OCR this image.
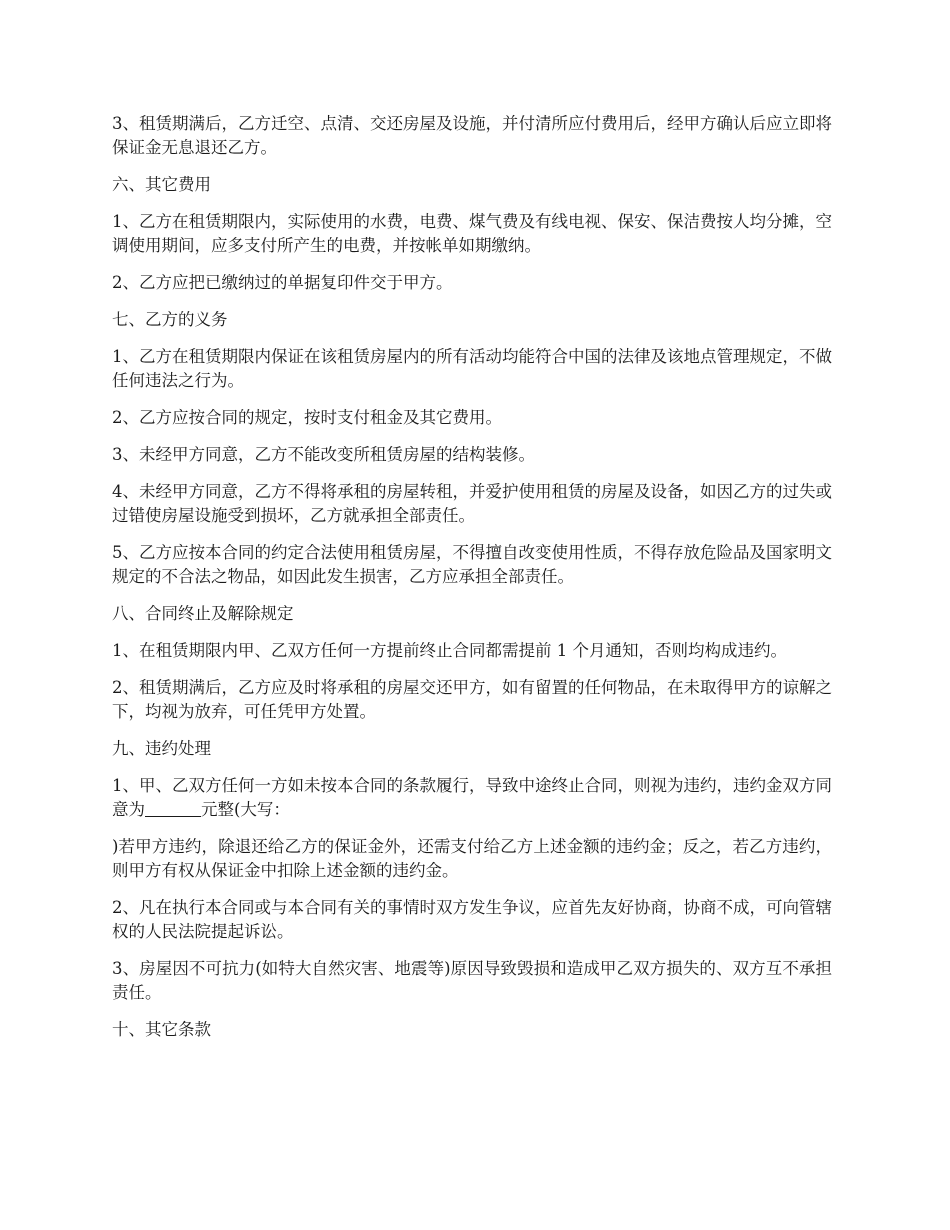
3、租赁期满后，乙方迁空、点清、交还房屋及设施，并付清所应付费用后，经甲方确认后应立即将保证金无息退还乙方。

六、其它费用

1、乙方在租赁期限内，实际使用的水费，电费、煤气费及有线电视、保安、保洁费按人均分摊，空调使用期间，应多支付所产生的电费，并按帐单如期缴纳。

2、乙方应把已缴纳过的单据复印件交于甲方。

七、乙方的义务

1、乙方在租赁期限内保证在该租赁房屋内的所有活动均能符合中国的法律及该地点管理规定，不做任何违法之行为。

2、乙方应按合同的规定，按时支付租金及其它费用。

3、未经甲方同意，乙方不能改变所租赁房屋的结构装修。

4、未经甲方同意，乙方不得将承租的房屋转租，并爱护使用租赁的房屋及设备，如因乙方的过失或过错使房屋设施受到损坏，乙方就承担全部责任。

5、乙方应按本合同的约定合法使用租赁房屋，不得擅自改变使用性质，不得存放危险品及国家明文规定的不合法之物品，如因此发生损害，乙方应承担全部责任。

八、合同终止及解除规定

1、在租赁期限内甲、乙双方任何一方提前终止合同都需提前 1 个月通知，否则均构成违约。

2、租赁期满后，乙方应及时将承租的房屋交还甲方，如有留置的任何物品，在未取得甲方的谅解之下，均视为放弃，可任凭甲方处置。

九、违约处理

1、甲、乙双方任何一方如未按本合同的条款履行，导致中途终止合同，则视为违约，违约金双方同意为	元整(大写：

)若甲方违约，除退还给乙方的保证金外，还需支付给乙方上述金额的违约金；反之，若乙方违约，则甲方有权从保证金中扣除上述金额的违约金。

2、凡在执行本合同或与本合同有关的事情时双方发生争议，应首先友好协商，协商不成，可向管辖权的人民法院提起诉讼。

3、房屋因不可抗力(如特大自然灾害、地震等)原因导致毁损和造成甲乙双方损失的、双方互不承担责任。

十、其它条款
